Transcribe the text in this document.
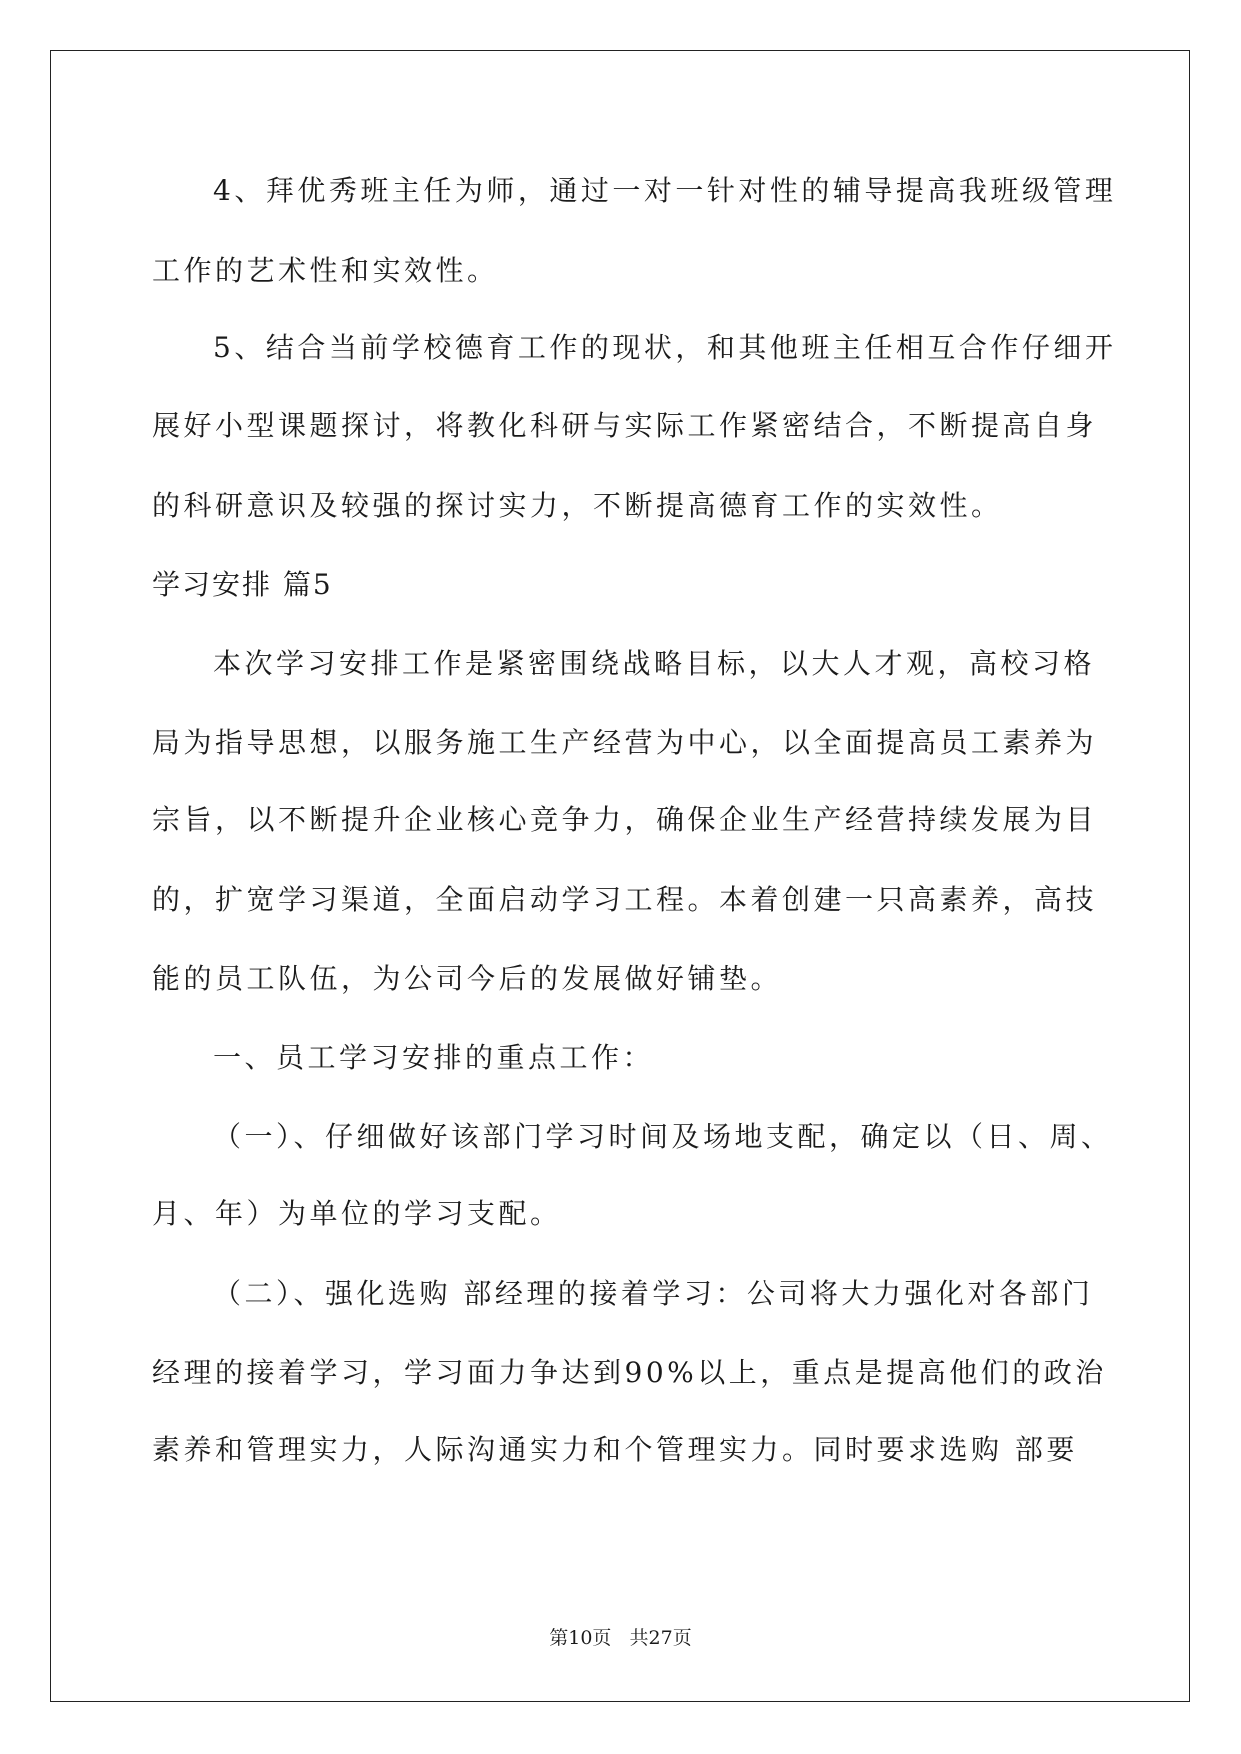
4、拜优秀班主任为师，通过一对一针对性的辅导提高我班级管理
工作的艺术性和实效性。
5、结合当前学校德育工作的现状，和其他班主任相互合作仔细开
展好小型课题探讨，将教化科研与实际工作紧密结合，不断提高自身
的科研意识及较强的探讨实力，不断提高德育工作的实效性。
学习安排 篇5
本次学习安排工作是紧密围绕战略目标，以大人才观，高校习格
局为指导思想，以服务施工生产经营为中心，以全面提高员工素养为
宗旨，以不断提升企业核心竞争力，确保企业生产经营持续发展为目
的，扩宽学习渠道，全面启动学习工程。本着创建一只高素养，高技
能的员工队伍，为公司今后的发展做好铺垫。
一、员工学习安排的重点工作：
（一）、仔细做好该部门学习时间及场地支配，确定以（日、周、
月、年）为单位的学习支配。
（二）、强化选购 部经理的接着学习：公司将大力强化对各部门
经理的接着学习，学习面力争达到90%以上，重点是提高他们的政治
素养和管理实力，人际沟通实力和个管理实力。同时要求选购 部要
第10页   共27页
